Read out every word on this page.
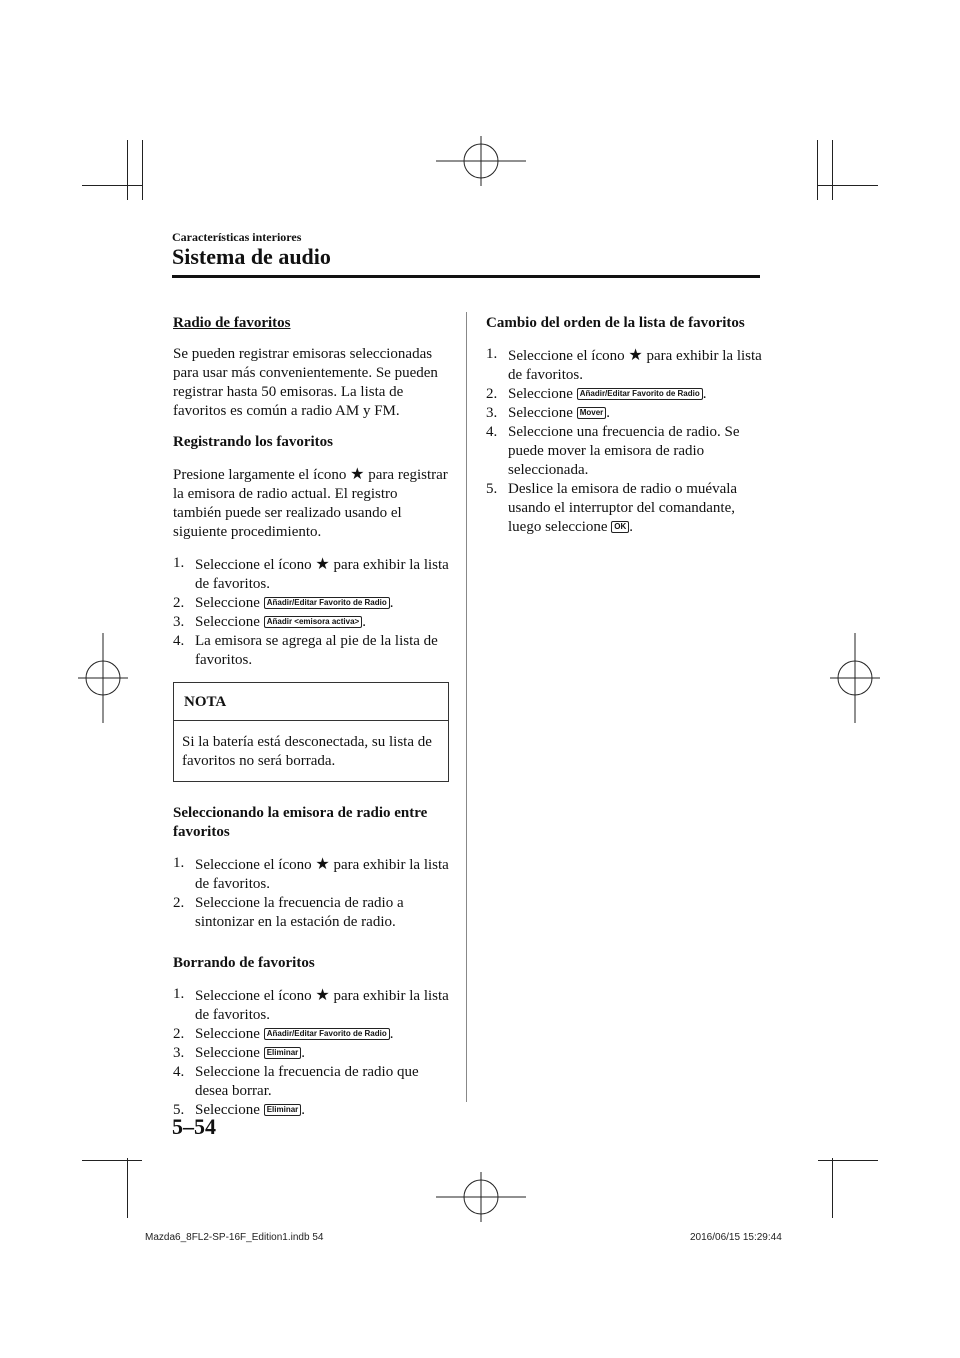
Características interiores
Sistema de audio
Radio de favoritos

Se pueden registrar emisoras seleccionadas para usar más convenientemente. Se pueden registrar hasta 50 emisoras. La lista de favoritos es común a radio AM y FM.

Registrando los favoritos

Presione largamente el ícono ★ para registrar la emisora de radio actual. El registro también puede ser realizado usando el siguiente procedimiento.

1. Seleccione el ícono ★ para exhibir la lista de favoritos.
2. Seleccione Añadir/Editar Favorito de Radio .
3. Seleccione Añadir <emisora activa> .
4. La emisora se agrega al pie de la lista de favoritos.
NOTA
Si la batería está desconectada, su lista de favoritos no será borrada.
Seleccionando la emisora de radio entre favoritos
1. Seleccione el ícono ★ para exhibir la lista de favoritos.
2. Seleccione la frecuencia de radio a sintonizar en la estación de radio.
Borrando de favoritos
1. Seleccione el ícono ★ para exhibir la lista de favoritos.
2. Seleccione Añadir/Editar Favorito de Radio .
3. Seleccione Eliminar .
4. Seleccione la frecuencia de radio que desea borrar.
5. Seleccione Eliminar .
Cambio del orden de la lista de favoritos
1. Seleccione el ícono ★ para exhibir la lista de favoritos.
2. Seleccione Añadir/Editar Favorito de Radio .
3. Seleccione Mover .
4. Seleccione una frecuencia de radio. Se puede mover la emisora de radio seleccionada.
5. Deslice la emisora de radio o muévala usando el interruptor del comandante, luego seleccione OK .
5–54
Mazda6_8FL2-SP-16F_Edition1.indb 54	2016/06/15 15:29:44
